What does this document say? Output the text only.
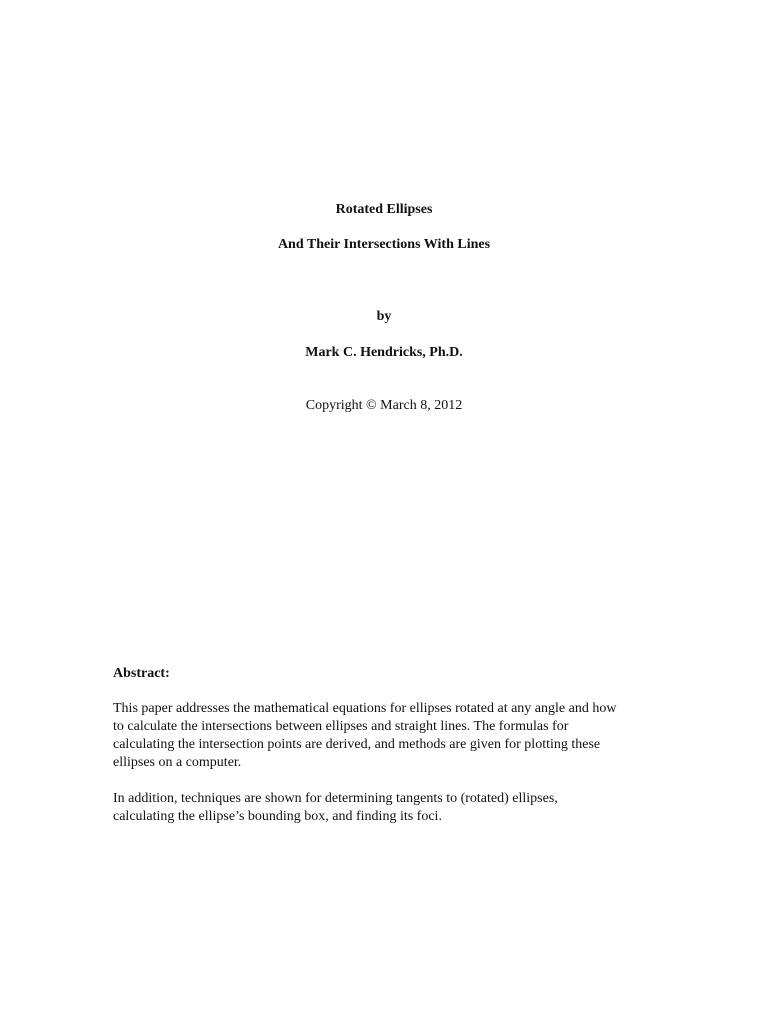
Rotated Ellipses
And Their Intersections With Lines
by
Mark C. Hendricks, Ph.D.
Copyright © March 8, 2012
Abstract:
This paper addresses the mathematical equations for ellipses rotated at any angle and how
to calculate the intersections between ellipses and straight lines. The formulas for
calculating the intersection points are derived, and methods are given for plotting these
ellipses on a computer.
In addition, techniques are shown for determining tangents to (rotated) ellipses,
calculating the ellipse’s bounding box, and finding its foci.
